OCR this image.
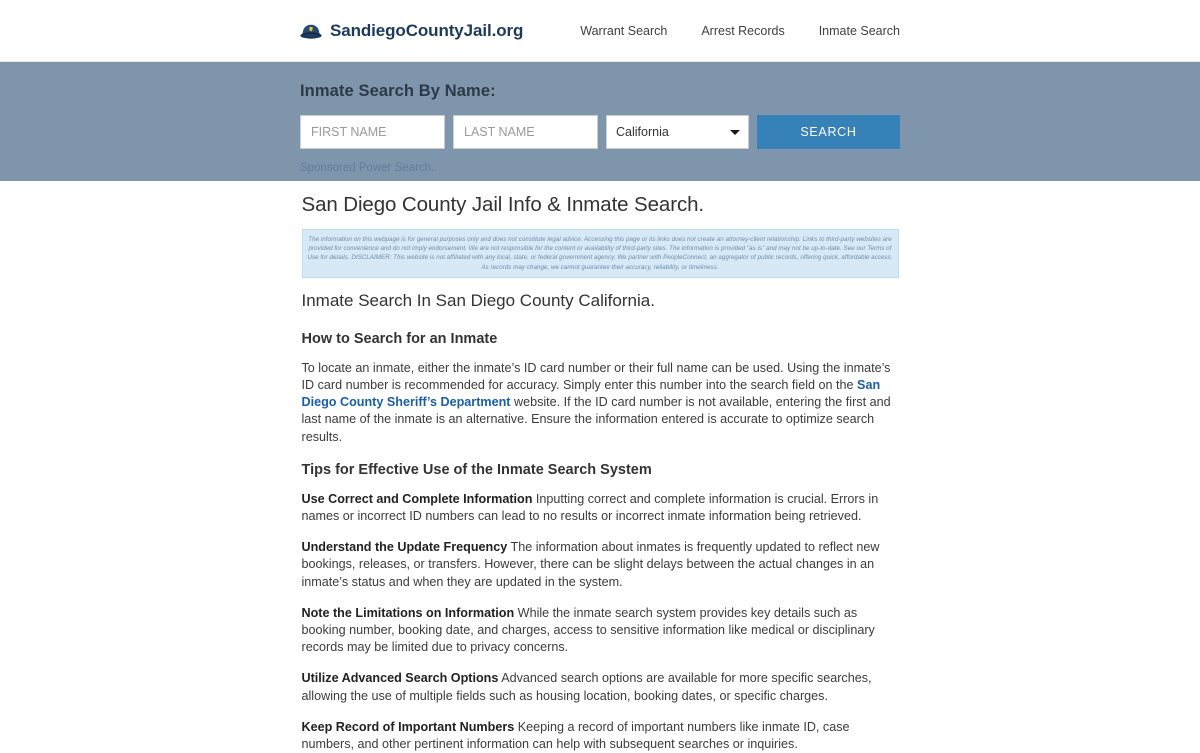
SandiegoCountyJail.org	Warrant Search	Arrest Records	Inmate Search
Inmate Search By Name:
FIRST NAME
LAST NAME
California
SEARCH
Sponsored Power Search.
San Diego County Jail Info & Inmate Search.

The information on this webpage is for general purposes only and does not constitute legal advice. Accessing this page or its links does not create an attorney-client relationship. Links to third-party websites are provided for convenience and do not imply endorsement. We are not responsible for the content or availability of third-party sites. The information is provided "as is" and may not be up-to-date. See our Terms of Use for details. DISCLAIMER: This website is not affiliated with any local, state, or federal government agency. We partner with PeopleConnect, an aggregator of public records, offering quick, affordable access. As records may change, we cannot guarantee their accuracy, reliability, or timeliness.

Inmate Search In San Diego County California.
How to Search for an Inmate

To locate an inmate, either the inmate’s ID card number or their full name can be used. Using the inmate’s ID card number is recommended for accuracy. Simply enter this number into the search field on the San Diego County Sheriff’s Department website. If the ID card number is not available, entering the first and last name of the inmate is an alternative. Ensure the information entered is accurate to optimize search results.

Tips for Effective Use of the Inmate Search System

Use Correct and Complete Information Inputting correct and complete information is crucial. Errors in names or incorrect ID numbers can lead to no results or incorrect inmate information being retrieved.

Understand the Update Frequency The information about inmates is frequently updated to reflect new bookings, releases, or transfers. However, there can be slight delays between the actual changes in an inmate’s status and when they are updated in the system.

Note the Limitations on Information While the inmate search system provides key details such as booking number, booking date, and charges, access to sensitive information like medical or disciplinary records may be limited due to privacy concerns.

Utilize Advanced Search Options Advanced search options are available for more specific searches, allowing the use of multiple fields such as housing location, booking dates, or specific charges.

Keep Record of Important Numbers Keeping a record of important numbers like inmate ID, case numbers, and other pertinent information can help with subsequent searches or inquiries.
